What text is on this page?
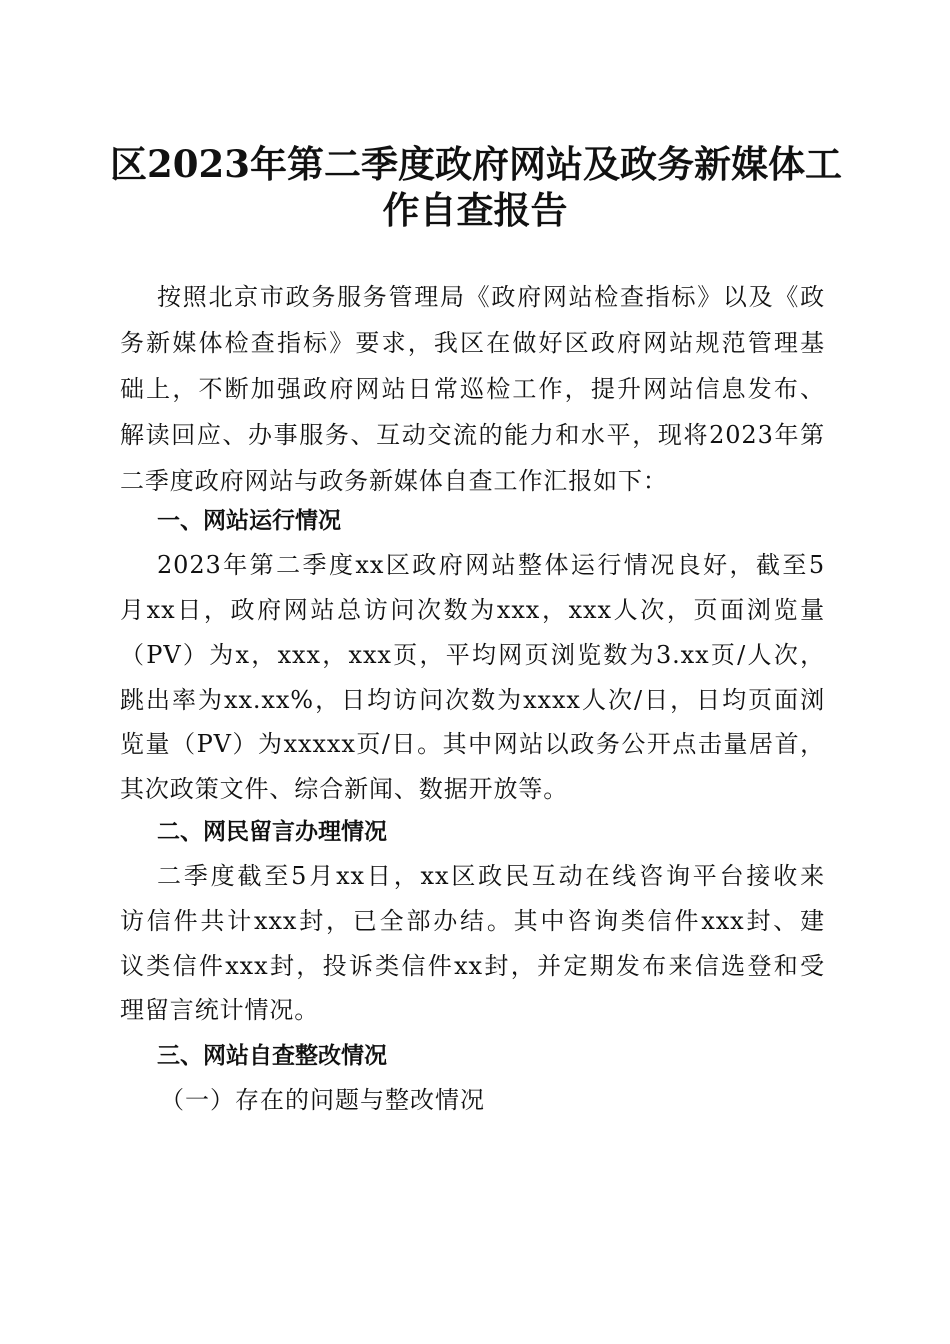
区2023年第二季度政府网站及政务新媒体工
作自查报告
按照北京市政务服务管理局《政府网站检查指标》以及《政
务新媒体检查指标》要求，我区在做好区政府网站规范管理基
础上，不断加强政府网站日常巡检工作，提升网站信息发布、
解读回应、办事服务、互动交流的能力和水平，现将2023年第
二季度政府网站与政务新媒体自查工作汇报如下：
一、网站运行情况
2023年第二季度xx区政府网站整体运行情况良好，截至5
月xx日，政府网站总访问次数为xxx，xxx人次，页面浏览量
（PV）为x，xxx，xxx页，平均网页浏览数为3.xx页/人次，
跳出率为xx.xx%，日均访问次数为xxxx人次/日，日均页面浏
览量（PV）为xxxxx页/日。其中网站以政务公开点击量居首，
其次政策文件、综合新闻、数据开放等。
二、网民留言办理情况
二季度截至5月xx日，xx区政民互动在线咨询平台接收来
访信件共计xxx封，已全部办结。其中咨询类信件xxx封、建
议类信件xxx封，投诉类信件xx封，并定期发布来信选登和受
理留言统计情况。
三、网站自查整改情况
（一）存在的问题与整改情况
